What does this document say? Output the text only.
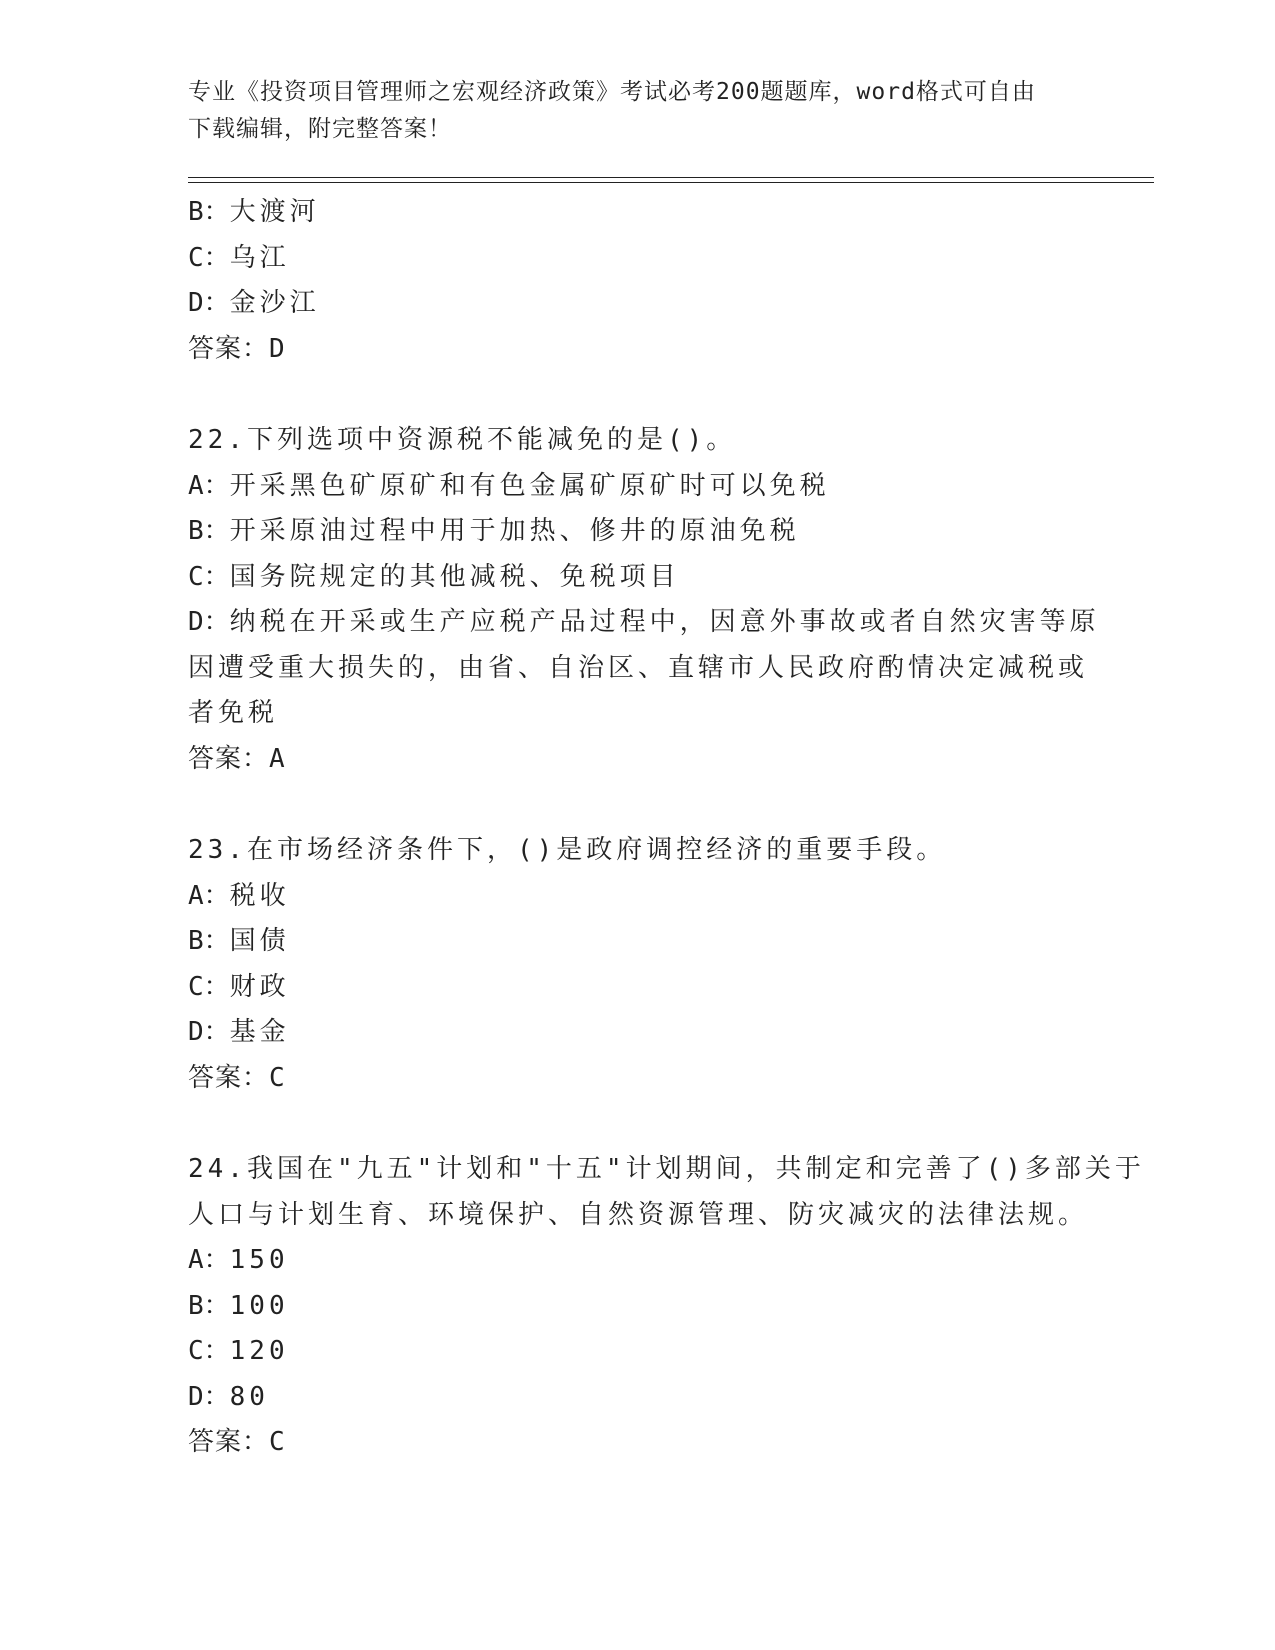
专业《投资项目管理师之宏观经济政策》考试必考200题题库，word格式可自由
下载编辑，附完整答案！
B：大渡河
C：乌江
D：金沙江
答案：D
22.下列选项中资源税不能减免的是()。
A：开采黑色矿原矿和有色金属矿原矿时可以免税
B：开采原油过程中用于加热、修井的原油免税
C：国务院规定的其他减税、免税项目
D：纳税在开采或生产应税产品过程中，因意外事故或者自然灾害等原
因遭受重大损失的，由省、自治区、直辖市人民政府酌情决定减税或
者免税
答案：A
23.在市场经济条件下，()是政府调控经济的重要手段。
A：税收
B：国债
C：财政
D：基金
答案：C
24.我国在"九五"计划和"十五"计划期间，共制定和完善了()多部关于
人口与计划生育、环境保护、自然资源管理、防灾减灾的法律法规。
A：150
B：100
C：120
D：80
答案：C
